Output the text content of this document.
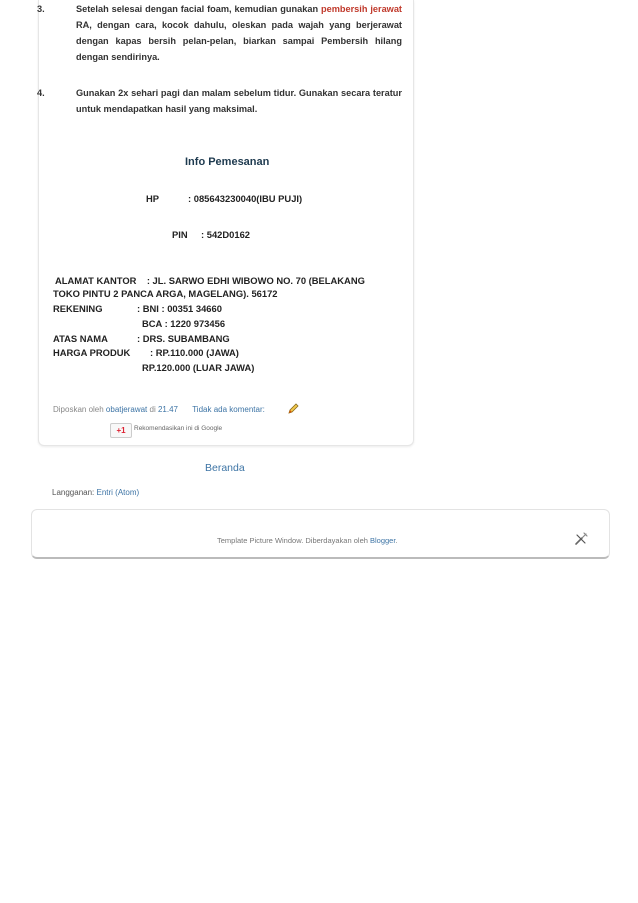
3.	Setelah selesai dengan facial foam, kemudian gunakan pembersih jerawat RA, dengan cara, kocok dahulu, oleskan pada wajah yang berjerawat dengan kapas bersih pelan-pelan, biarkan sampai Pembersih hilang dengan sendirinya.
4.	Gunakan 2x sehari pagi dan malam sebelum tidur. Gunakan secara teratur untuk mendapatkan hasil yang maksimal.
Info Pemesanan
HP	: 085643230040(IBU PUJI)
PIN : 542D0162
ALAMAT KANTOR    : JL. SARWO EDHI WIBOWO NO. 70 (BELAKANG
TOKO PINTU 2 PANCA ARGA, MAGELANG). 56172
REKENING	: BNI : 00351 34660
BCA : 1220 973456
ATAS NAMA	: DRS. SUBAMBANG
HARGA PRODUK : RP.110.000 (JAWA)
RP.120.000 (LUAR JAWA)
Diposkan oleh obatjerawat di 21.47 Tidak ada komentar:
+1	Rekomendasikan ini di Google
Beranda
Langganan: Entri (Atom)
Template Picture Window. Diberdayakan oleh Blogger.
